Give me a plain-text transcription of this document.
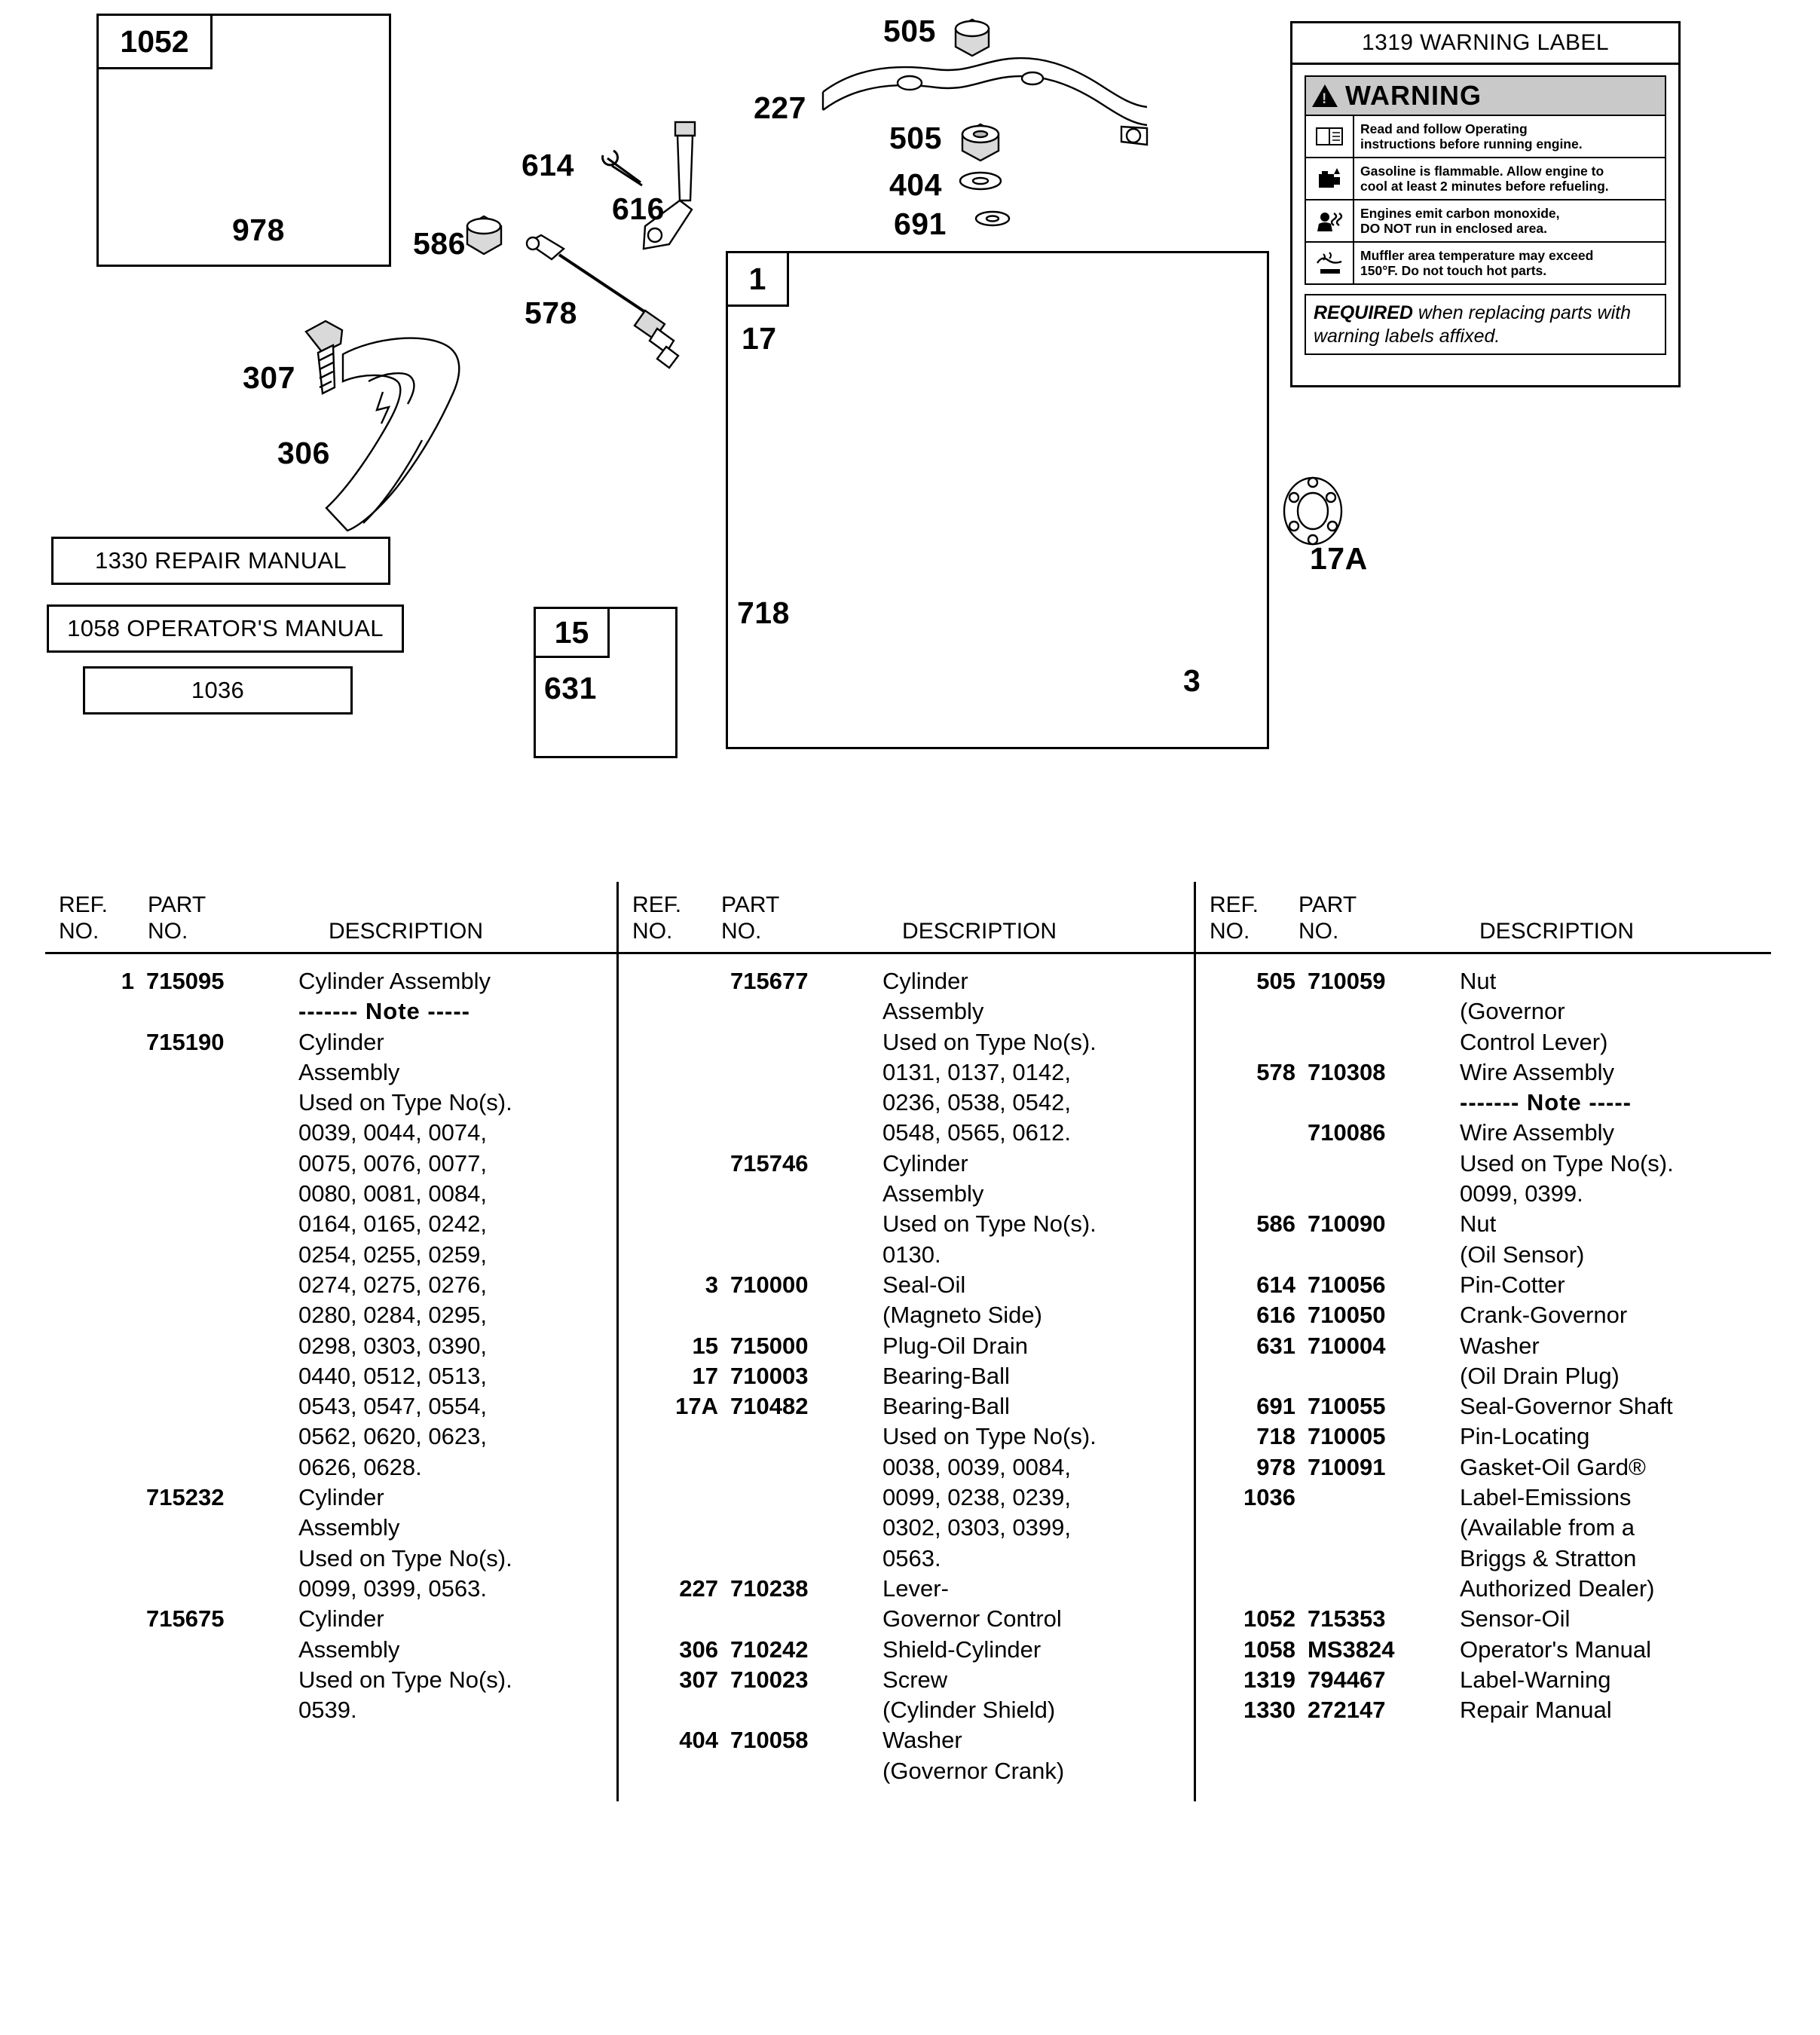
1052
978
505
227
505
404
691
614
616
586
578
307
306
1
17
17A
718
3
15
631
1330 REPAIR MANUAL
1058 OPERATOR'S MANUAL
1036
1319 WARNING LABEL
!
WARNING
Read and follow Operating
instructions before running engine.
Gasoline is flammable. Allow engine to
cool at least 2 minutes before refueling.
Engines emit carbon monoxide,
DO NOT run in enclosed area.
Muffler area temperature may exceed
150°F. Do not touch hot parts.
REQUIRED when replacing parts with warning labels affixed.
REF.
NO.
PART
NO.	DESCRIPTION

REF.
NO.
PART
NO.	DESCRIPTION

REF.
NO.
PART
NO.	DESCRIPTION

1 715095	Cylinder Assembly
------- Note -----
715190	Cylinder
Assembly
Used on Type No(s).
0039, 0044, 0074,
0075, 0076, 0077,
0080, 0081, 0084,
0164, 0165, 0242,
0254, 0255, 0259,
0274, 0275, 0276,
0280, 0284, 0295,
0298, 0303, 0390,
0440, 0512, 0513,
0543, 0547, 0554,
0562, 0620, 0623,
0626, 0628.
715232	Cylinder
Assembly
Used on Type No(s).
0099, 0399, 0563.
715675	Cylinder
Assembly
Used on Type No(s).
0539.

715677	Cylinder
Assembly
Used on Type No(s).
0131, 0137, 0142,
0236, 0538, 0542,
0548, 0565, 0612.
715746	Cylinder
Assembly
Used on Type No(s).
0130.
3 710000	Seal-Oil
(Magneto Side)
15 715000	Plug-Oil Drain
17 710003	Bearing-Ball
17A 710482	Bearing-Ball
Used on Type No(s).
0038, 0039, 0084,
0099, 0238, 0239,
0302, 0303, 0399,
0563.
227 710238	Lever-
Governor Control
306 710242	Shield-Cylinder
307 710023	Screw
(Cylinder Shield)
404 710058	Washer
(Governor Crank)

505 710059	Nut
(Governor
Control Lever)
578 710308	Wire Assembly
------- Note -----
710086	Wire Assembly
Used on Type No(s).
0099, 0399.
586 710090	Nut
(Oil Sensor)
614 710056	Pin-Cotter
616 710050	Crank-Governor
631 710004	Washer
(Oil Drain Plug)
691 710055	Seal-Governor Shaft
718 710005	Pin-Locating
978 710091	Gasket-Oil Gard®
1036	Label-Emissions
(Available from a
Briggs & Stratton
Authorized Dealer)
1052 715353	Sensor-Oil
1058 MS3824	Operator's Manual
1319 794467	Label-Warning
1330 272147	Repair Manual
